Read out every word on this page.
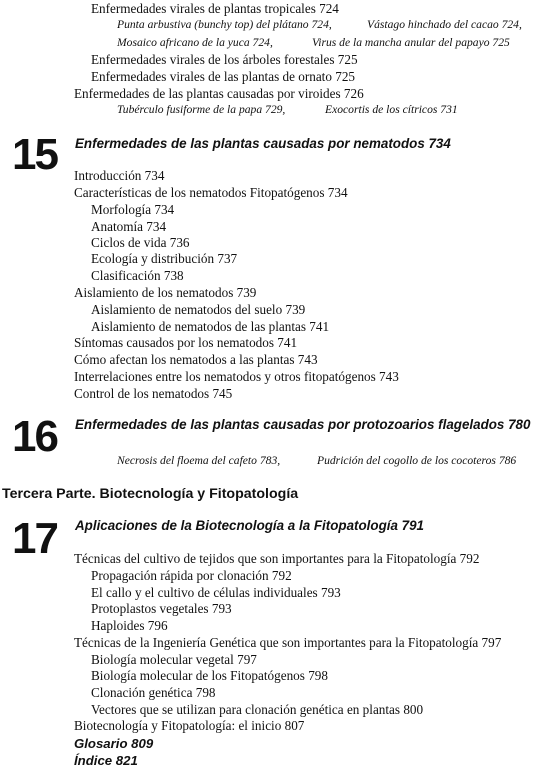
Enfermedades virales de plantas tropicales 724
Punta arbustiva (bunchy top) del plátano 724,	Vástago hinchado del cacao 724,
Mosaico africano de la yuca 724,	Virus de la mancha anular del papayo 725
Enfermedades virales de los árboles forestales 725
Enfermedades virales de las plantas de ornato 725
Enfermedades de las plantas causadas por viroides 726
Tubérculo fusiforme de la papa 729,	Exocortis de los cítricos 731
15 Enfermedades de las plantas causadas por nematodos 734
Introducción 734
Características de los nematodos Fitopatógenos 734
Morfología 734
Anatomía 734
Ciclos de vida 736
Ecología y distribución 737
Clasificación 738
Aislamiento de los nematodos 739
Aislamiento de nematodos del suelo 739
Aislamiento de nematodos de las plantas 741
Síntomas causados por los nematodos 741
Cómo afectan los nematodos a las plantas 743
Interrelaciones entre los nematodos y otros fitopatógenos 743
Control de los nematodos 745
16 Enfermedades de las plantas causadas por protozoarios flagelados 780
Necrosis del floema del cafeto 783,	Pudrición del cogollo de los cocoteros 786
Tercera Parte. Biotecnología y Fitopatología
17 Aplicaciones de la Biotecnología a la Fitopatología 791
Técnicas del cultivo de tejidos que son importantes para la Fitopatología 792
Propagación rápida por clonación 792
El callo y el cultivo de células individuales 793
Protoplastos vegetales 793
Haploides 796
Técnicas de la Ingeniería Genética que son importantes para la Fitopatología 797
Biología molecular vegetal 797
Biología molecular de los Fitopatógenos 798
Clonación genética 798
Vectores que se utilizan para clonación genética en plantas 800
Biotecnología y Fitopatología: el inicio 807
Glosario 809
Índice 821
